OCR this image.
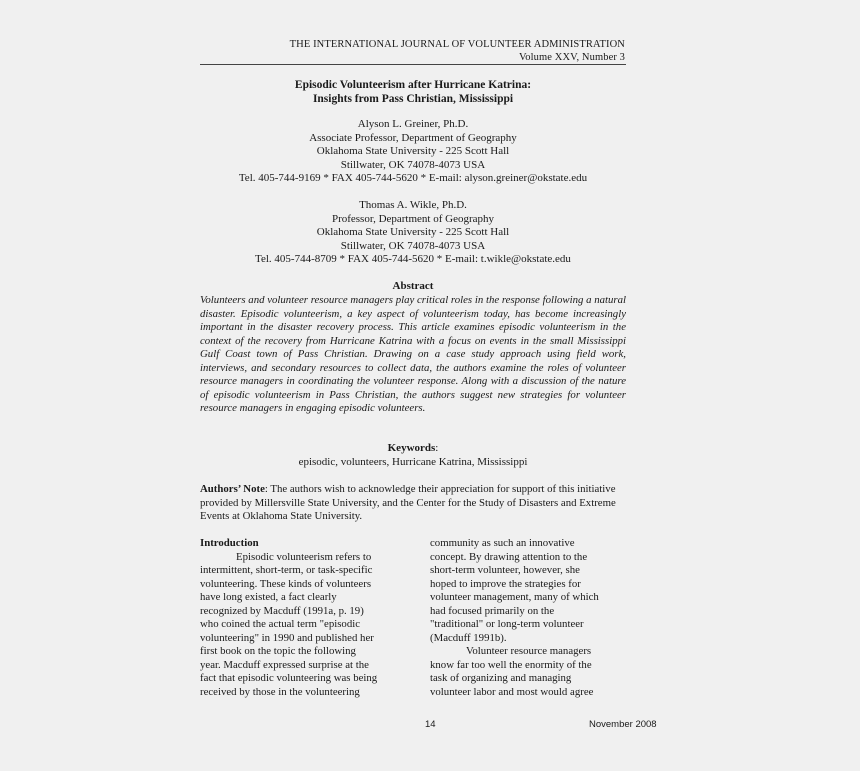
THE INTERNATIONAL JOURNAL OF VOLUNTEER ADMINISTRATION
Volume XXV, Number 3
Episodic Volunteerism after Hurricane Katrina:
Insights from Pass Christian, Mississippi
Alyson L. Greiner, Ph.D.
Associate Professor, Department of Geography
Oklahoma State University - 225 Scott Hall
Stillwater, OK 74078-4073 USA
Tel. 405-744-9169 * FAX 405-744-5620 * E-mail: alyson.greiner@okstate.edu
Thomas A. Wikle, Ph.D.
Professor, Department of Geography
Oklahoma State University - 225 Scott Hall
Stillwater, OK 74078-4073 USA
Tel. 405-744-8709 * FAX 405-744-5620 * E-mail: t.wikle@okstate.edu
Abstract
Volunteers and volunteer resource managers play critical roles in the response following a natural disaster. Episodic volunteerism, a key aspect of volunteerism today, has become increasingly important in the disaster recovery process. This article examines episodic volunteerism in the context of the recovery from Hurricane Katrina with a focus on events in the small Mississippi Gulf Coast town of Pass Christian. Drawing on a case study approach using field work, interviews, and secondary resources to collect data, the authors examine the roles of volunteer resource managers in coordinating the volunteer response. Along with a discussion of the nature of episodic volunteerism in Pass Christian, the authors suggest new strategies for volunteer resource managers in engaging episodic volunteers.
Keywords:
episodic, volunteers, Hurricane Katrina, Mississippi
Authors’ Note: The authors wish to acknowledge their appreciation for support of this initiative provided by Millersville State University, and the Center for the Study of Disasters and Extreme Events at Oklahoma State University.
Introduction
Episodic volunteerism refers to
intermittent, short-term, or task-specific
volunteering. These kinds of volunteers
have long existed, a fact clearly
recognized by Macduff (1991a, p. 19)
who coined the actual term "episodic
volunteering" in 1990 and published her
first book on the topic the following
year. Macduff expressed surprise at the
fact that episodic volunteering was being
received by those in the volunteering
community as such an innovative
concept. By drawing attention to the
short-term volunteer, however, she
hoped to improve the strategies for
volunteer management, many of which
had focused primarily on the
"traditional" or long-term volunteer
(Macduff 1991b).
Volunteer resource managers
know far too well the enormity of the
task of organizing and managing
volunteer labor and most would agree
14	November 2008
